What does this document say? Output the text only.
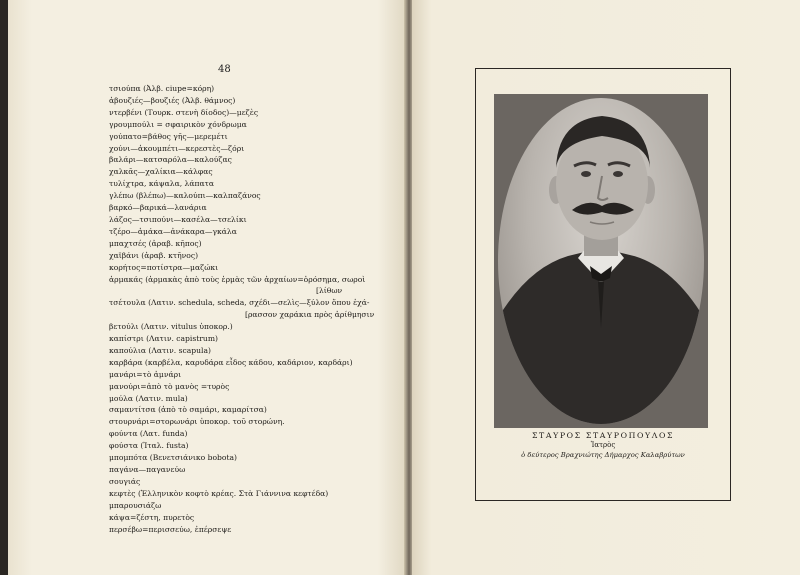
48
τσιούπα (Ἀλβ. ciupe=κόρη)
ἀβουζιές—βουζιές (Ἀλβ. θάμνος)
ντερβένι (Τουρκ. στενὴ δίοδος)—μεζὲς
γρουμπούλι = σφαιρικὸν χόνδρωμα
γούπατο=βάθος γῆς—μερεμέτι
χούνι—ἀκουμπέτι—κερεστὲς—ζόρι
βαλάρι—κατσαρόλα—καλούζας
χαλκᾶς—χαλίκια—κάλφας
τυλίχτρα, κάψαλα, λάπατα
γλέπω (βλέπω)—καλούπι—καλπαζάνος
βαρκό—βαρικά—λανάρια
λάζος—τσιπούνι—κασέλα—τσελίκι
τζέρο—ἀμάκα—ἀνάκαρα—γκάλα
μπαχτσές (ἀραβ. κῆπος)
χαϊβάνι (ἀραβ. κτῆνος)
κορήτος=ποτίστρα—μαζώκι
ἀρμακάς (ἀρμακὰς ἀπὸ τοὺς ἑρμὰς τῶν ἀρχαίων=ὁρόσημα, σωροὶ
[λίθων
τσέτουλα (Λατιν. schedula, scheda, σχέδι—σελὶς—ξύλον ὅπου ἐχά-
[ρασσον χαράκια πρὸς ἀρίθμησιν
βετούλι (Λατιν. vitulus ὑποκορ.)
καπίστρι (Λατιν. capistrum)
καπούλια (Λατιν. scapula)
καρβάρα (καρβέλα, καρυδάρα εἶδος κάδου, καδάριον, καρδάρι)
μανάρι=τὸ ἀμνάρι
μανούρι=ἀπὸ τὸ μανὸς =τυρὸς
μούλα (Λατιν. mula)
σαμαντίτσα (ἀπὸ τὸ σαμάρι, καμαρίτσα)
στουρνάρι=στορωνάρι ὑποκορ. τοῦ στορώνη.
φούντα (Λατ. funda)
φούστα (Ἰταλ. fusta)
μπομπότα (Βενετσιάνικο bobota)
παγάνα—παγανεύω
σουγιάς
κεφτὲς (Ἑλληνικὸν κοφτὸ κρέας. Στὰ Γιάννινα κεφτέδα)
μπαρουσιάζω
κάψα=ζέστη, πυρετὸς
περσέβω=περισσεύω, ἐπέρσεψε
ΣΤΑΥΡΟΣ ΣΤΑΥΡΟΠΟΥΛΟΣ
Ἰατρὸς
ὁ δεύτερος Βραχνιώτης Δήμαρχος Καλαβρύτων
